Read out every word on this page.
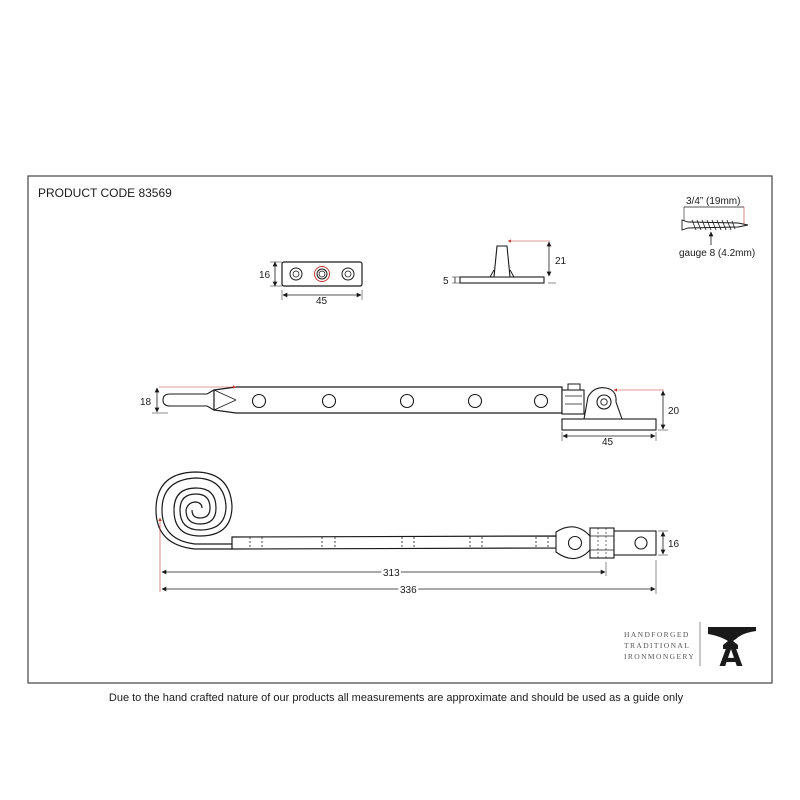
PRODUCT CODE 83569
3/4” (19mm)
gauge 8 (4.2mm)
16
45
21
5
18
20
45
16
313
336
HANDFORGED
TRADITIONAL
IRONMONGERY A
Due to the hand crafted nature of our products all measurements are approximate and should be used as a guide only
